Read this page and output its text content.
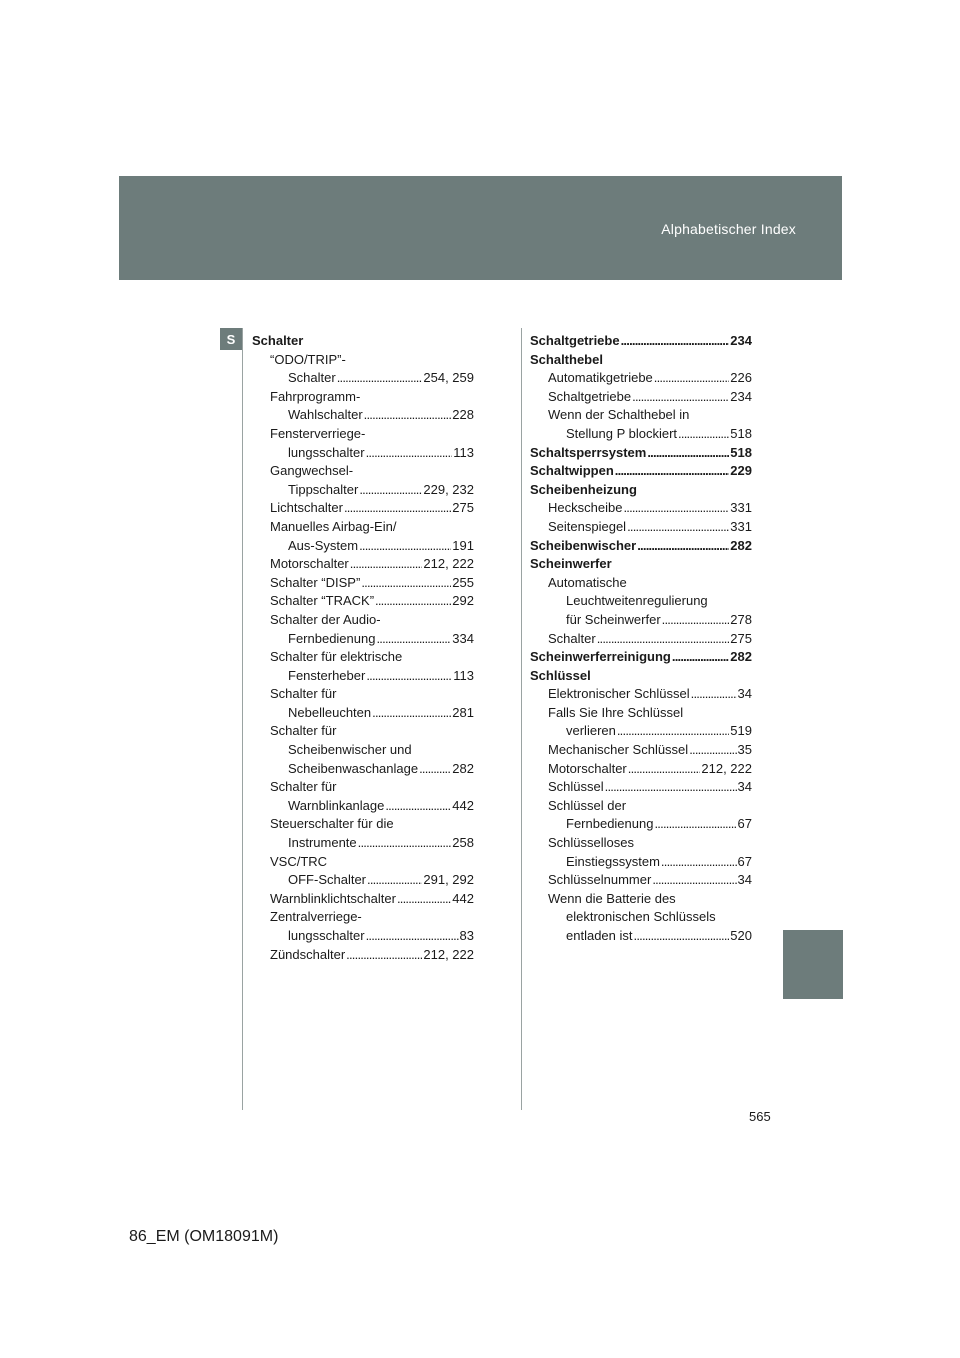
Alphabetischer Index
S	Schalter
“ODO/TRIP”-
Schalter . . .	254, 259
Fahrprogramm-
Wahlschalter . . .	228
Fensterverriege-
lungsschalter . . .	113
Gangwechsel-
Tippschalter . . .	229, 232
Lichtschalter . . .	275
Manuelles Airbag-Ein/
Aus-System . . .	191
Motorschalter . . .	212, 222
Schalter “DISP” . . .	255
Schalter “TRACK” . . .	292
Schalter der Audio-
Fernbedienung . . .	334
Schalter für elektrische
Fensterheber . . .	113
Schalter für
Nebelleuchten . . .	281
Schalter für
Scheibenwischer und
Scheibenwaschanlage . . .	282
Schalter für
Warnblinkanlage . . .	442
Steuerschalter für die
Instrumente . . .	258
VSC/TRC
OFF-Schalter . . .	291, 292
Warnblinklichtschalter . . .	442
Zentralverriege-
lungsschalter . . .	83
Zündschalter . . .	212, 222
Schaltgetriebe . . .	234
Schalthebel
Automatikgetriebe . . .	226
Schaltgetriebe . . .	234
Wenn der Schalthebel in
Stellung P blockiert . . .	518
Schaltsperrsystem . . .	518
Schaltwippen . . .	229
Scheibenheizung
Heckscheibe . . .	331
Seitenspiegel . . .	331
Scheibenwischer . . .	282
Scheinwerfer
Automatische
Leuchtweitenregulierung
für Scheinwerfer . . .	278
Schalter . . .	275
Scheinwerferreinigung . . .	282
Schlüssel
Elektronischer Schlüssel . . .	34
Falls Sie Ihre Schlüssel
verlieren . . .	519
Mechanischer Schlüssel . . .	35
Motorschalter . . .	212, 222
Schlüssel . . .	34
Schlüssel der
Fernbedienung . . .	67
Schlüsselloses
Einstiegssystem . . .	67
Schlüsselnummer . . .	34
Wenn die Batterie des
elektronischen Schlüssels
entladen ist . . .	520
565
86_EM (OM18091M)
